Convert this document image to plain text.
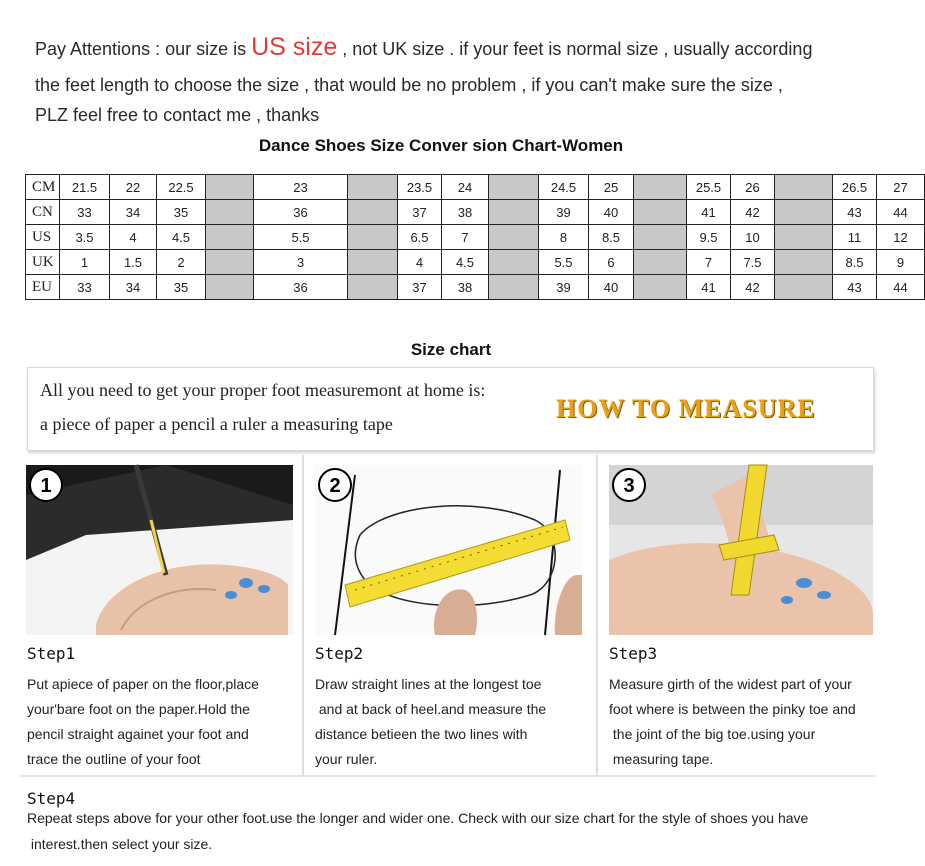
Pay Attentions : our size is US size , not UK size . if your feet is normal size , usually according
the feet length to choose the size , that would be no problem , if you can't make sure the size ,
PLZ feel free to contact me , thanks
Dance Shoes Size Conver sion Chart-Women
CM	21.5	22	22.5		23		23.5	24		24.5	25		25.5	26		26.5	27
CN	33	34	35		36		37	38		39	40		41	42		43	44
US	3.5	4	4.5		5.5		6.5	7		8	8.5		9.5	10		11	12
UK	1	1.5	2		3		4	4.5		5.5	6		7	7.5		8.5	9
EU	33	34	35		36		37	38		39	40		41	42		43	44
Size chart
All you need to get your proper foot measuremont at home is:
a piece of paper a pencil a ruler a measuring tape
HOW TO MEASURE
1	2	3
Step1
Put apiece of paper on the floor,place
your'bare foot on the paper.Hold the
pencil straight againet your foot and
trace the outline of your foot
Step2
Draw straight lines at the longest toe
and at back of heel.and measure the
distance betieen the two lines with
your ruler.
Step3
Measure girth of the widest part of your
foot where is between the pinky toe and
the joint of the big toe.using your
measuring tape.
Step4
Repeat steps above for your other foot.use the longer and wider one. Check with our size chart for the style of shoes you have
interest.then select your size.
